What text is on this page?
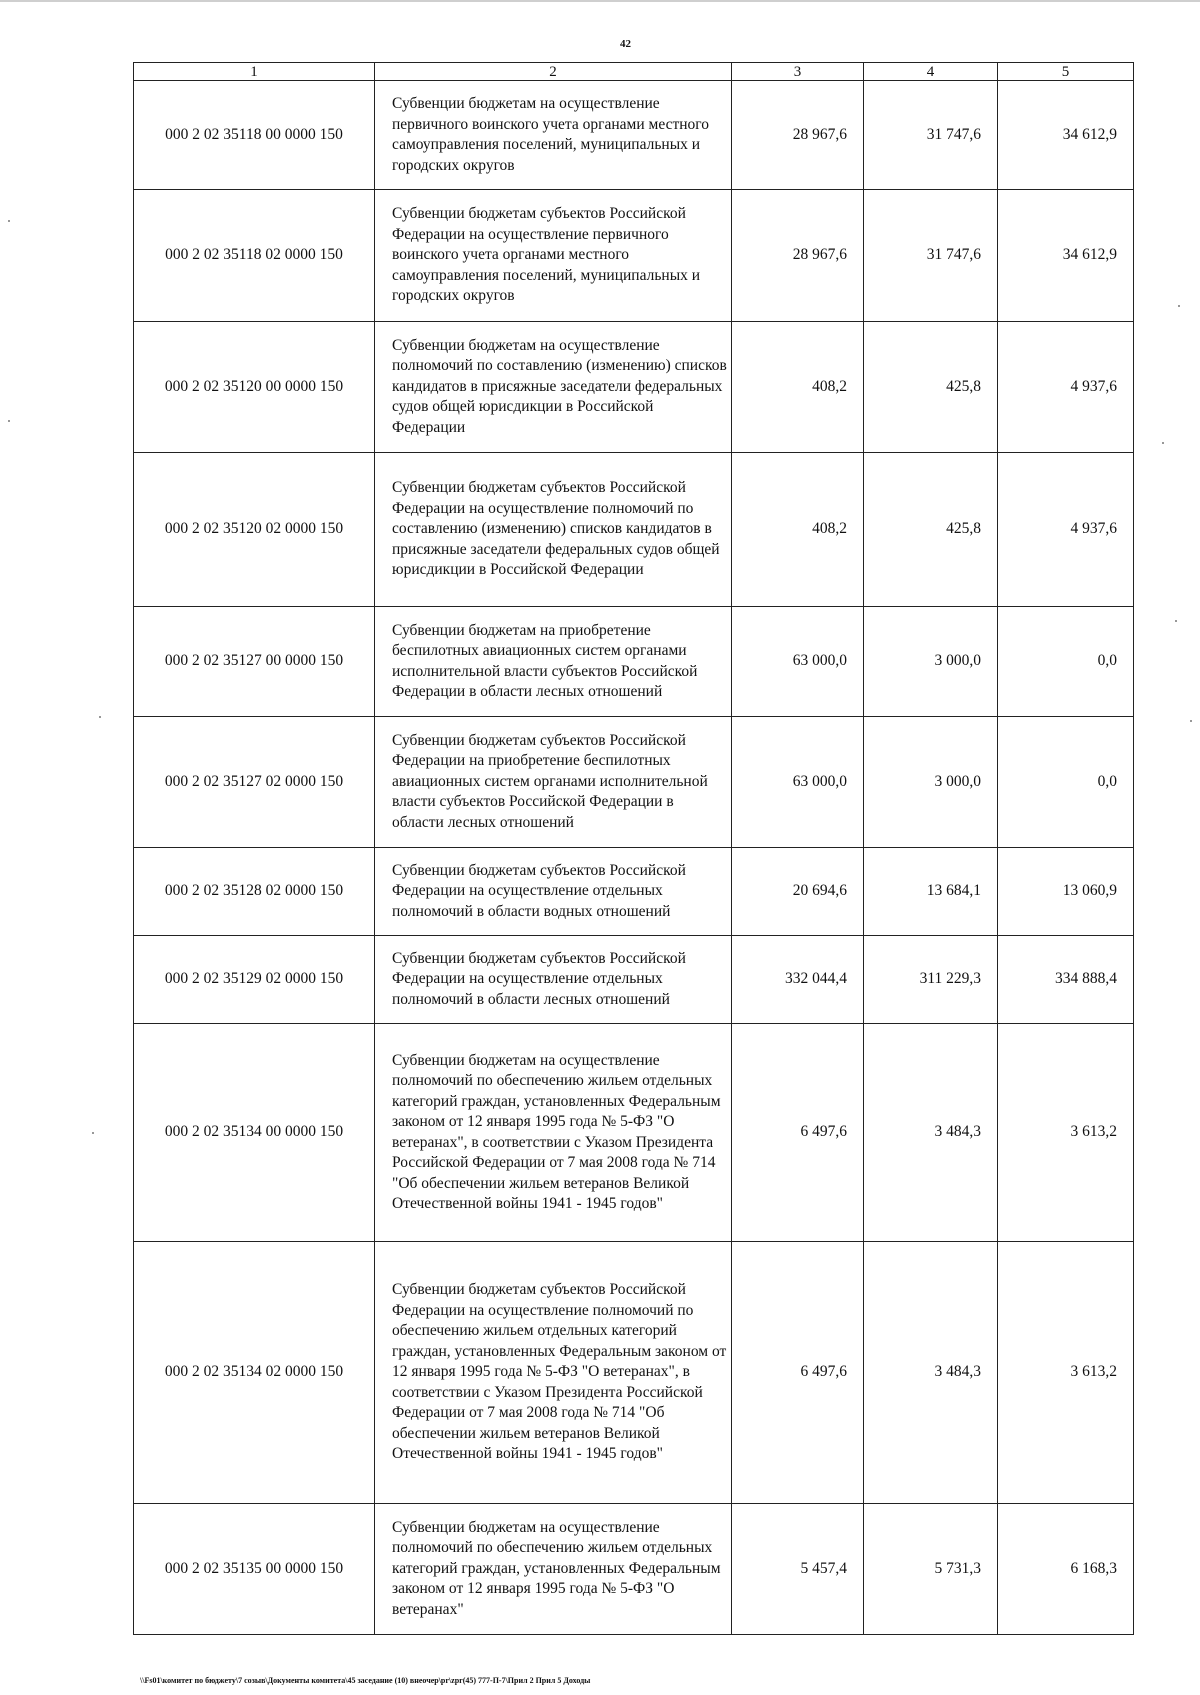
42
1	2	3	4	5
000 2 02 35118 00 0000 150	Субвенции бюджетам на осуществление первичного воинского учета органами местного самоуправления поселений, муниципальных и городских округов	28 967,6	31 747,6	34 612,9
000 2 02 35118 02 0000 150	Субвенции бюджетам субъектов Российской Федерации на осуществление первичного воинского учета органами местного самоуправления поселений, муниципальных и городских округов	28 967,6	31 747,6	34 612,9
000 2 02 35120 00 0000 150	Субвенции бюджетам на осуществление полномочий по составлению (изменению) списков кандидатов в присяжные заседатели федеральных судов общей юрисдикции в Российской Федерации	408,2	425,8	4 937,6
000 2 02 35120 02 0000 150	Субвенции бюджетам субъектов Российской Федерации на осуществление полномочий по составлению (изменению) списков кандидатов в присяжные заседатели федеральных судов общей юрисдикции в Российской Федерации	408,2	425,8	4 937,6
000 2 02 35127 00 0000 150	Субвенции бюджетам на приобретение беспилотных авиационных систем органами исполнительной власти субъектов Российской Федерации в области лесных отношений	63 000,0	3 000,0	0,0
000 2 02 35127 02 0000 150	Субвенции бюджетам субъектов Российской Федерации на приобретение беспилотных авиационных систем органами исполнительной власти субъектов Российской Федерации в области лесных отношений	63 000,0	3 000,0	0,0
000 2 02 35128 02 0000 150	Субвенции бюджетам субъектов Российской Федерации на осуществление отдельных полномочий в области водных отношений	20 694,6	13 684,1	13 060,9
000 2 02 35129 02 0000 150	Субвенции бюджетам субъектов Российской Федерации на осуществление отдельных полномочий в области лесных отношений	332 044,4	311 229,3	334 888,4
000 2 02 35134 00 0000 150	Субвенции бюджетам на осуществление полномочий по обеспечению жильем отдельных категорий граждан, установленных Федеральным законом от 12 января 1995 года № 5-ФЗ "О ветеранах", в соответствии с Указом Президента Российской Федерации от 7 мая 2008 года № 714 "Об обеспечении жильем ветеранов Великой Отечественной войны 1941 - 1945 годов"	6 497,6	3 484,3	3 613,2
000 2 02 35134 02 0000 150	Субвенции бюджетам субъектов Российской Федерации на осуществление полномочий по обеспечению жильем отдельных категорий граждан, установленных Федеральным законом от 12 января 1995 года № 5-ФЗ "О ветеранах", в соответствии с Указом Президента Российской Федерации от 7 мая 2008 года № 714 "Об обеспечении жильем ветеранов Великой Отечественной войны 1941 - 1945 годов"	6 497,6	3 484,3	3 613,2
000 2 02 35135 00 0000 150	Субвенции бюджетам на осуществление полномочий по обеспечению жильем отдельных категорий граждан, установленных Федеральным законом от 12 января 1995 года № 5-ФЗ "О ветеранах"	5 457,4	5 731,3	6 168,3
\\Fs01\комитет по бюджету\7 созыв\Документы комитета\45 заседание (10) внеочер\pr\zpr(45) 777-П-7\Прил 2 Прил 5 Доходы
